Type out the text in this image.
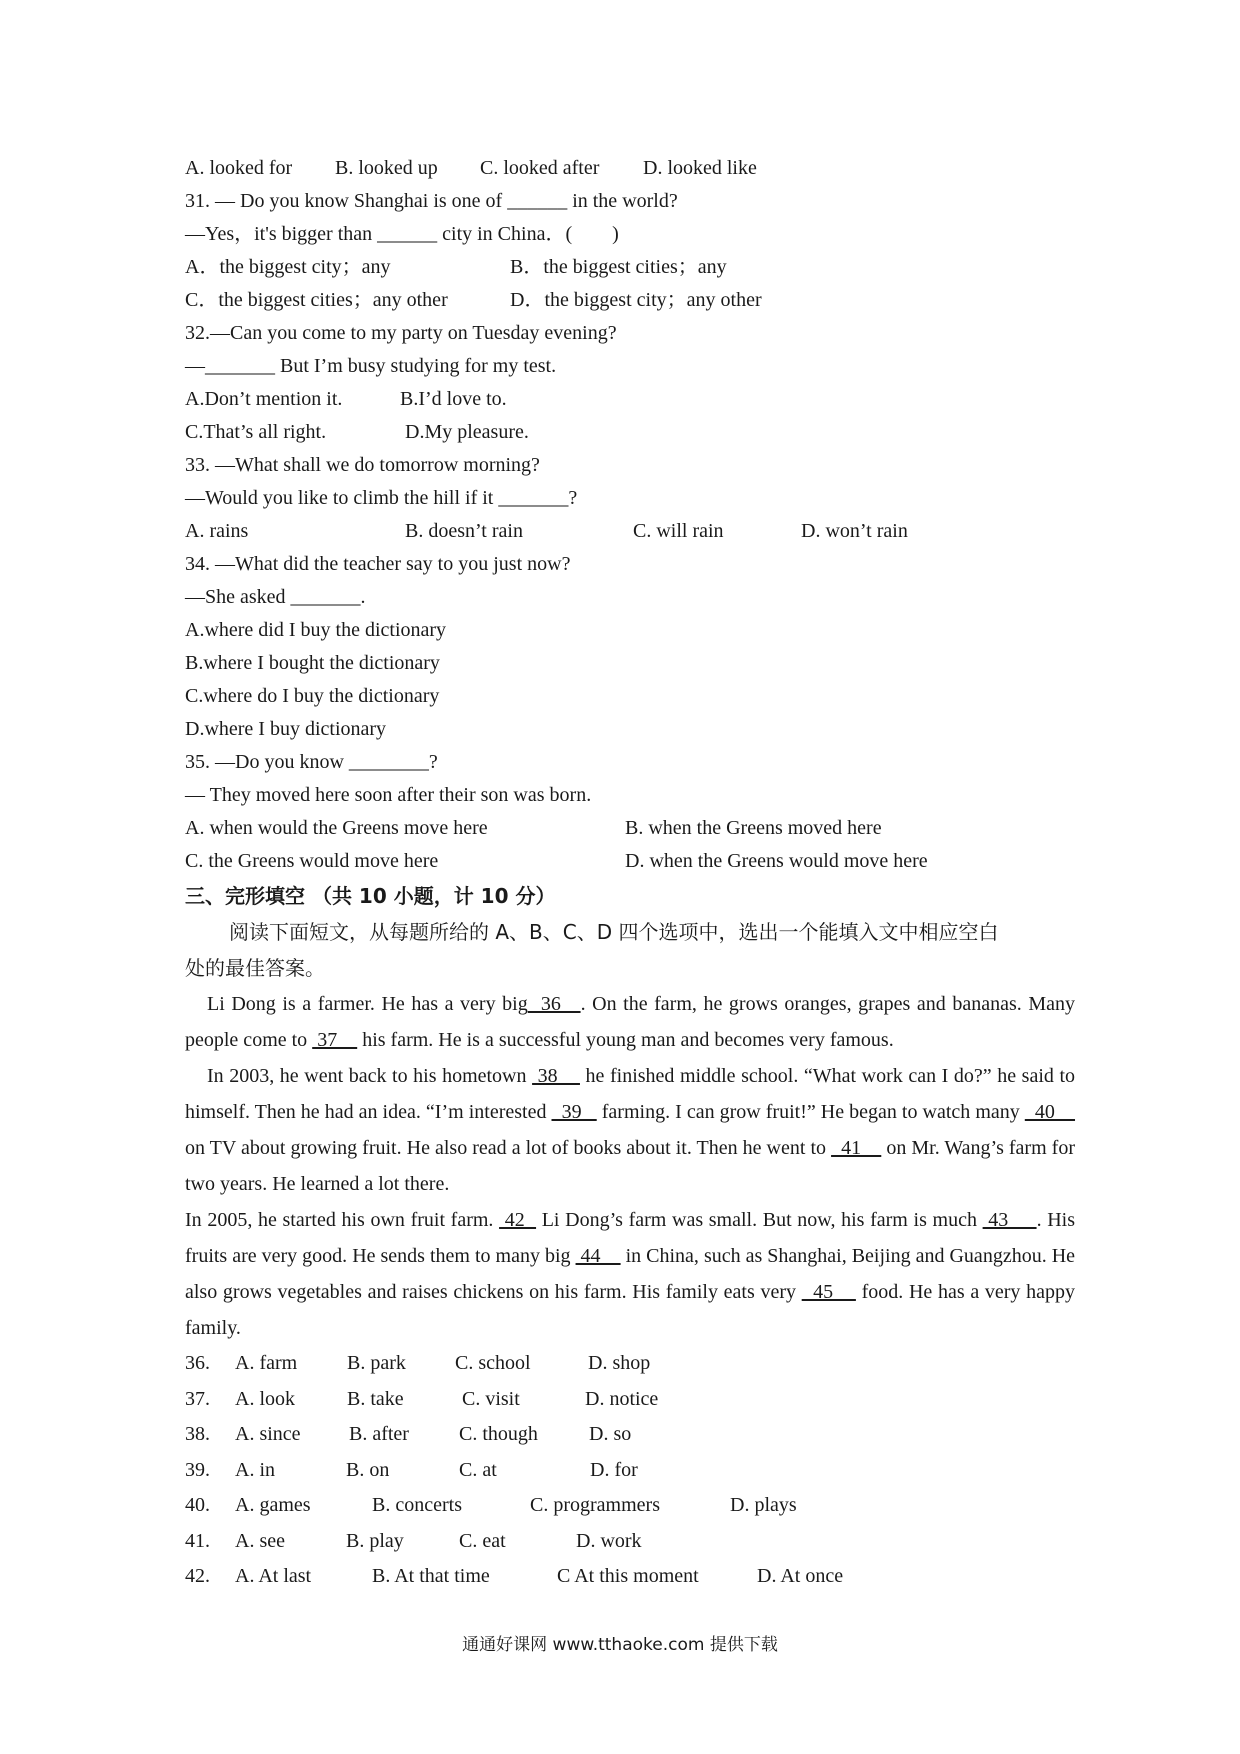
A. looked for	B. looked up	C. looked after	D. looked like
31. — Do you know Shanghai is one of ______ in the world?
—Yes，it's bigger than ______ city in China．(        )
A．the biggest city；any	B．the biggest cities；any
C．the biggest cities；any other	D．the biggest city；any other
32.—Can you come to my party on Tuesday evening?
—_______ But I’m busy studying for my test.
A.Don’t mention it.	B.I’d love to.
C.That’s all right.	D.My pleasure.
33. —What shall we do tomorrow morning?
—Would you like to climb the hill if it _______?
A. rains	B. doesn’t rain	C. will rain	D. won’t rain
34. —What did the teacher say to you just now?
—She asked _______.
A.where did I buy the dictionary
B.where I bought the dictionary
C.where do I buy the dictionary
D.where I buy dictionary
35. —Do you know ________?
— They moved here soon after their son was born.
A. when would the Greens move here	B. when the Greens moved here
C. the Greens would move here	D. when the Greens would move here
三、完形填空 （共 10 小题，计 10 分）
阅读下面短文，从每题所给的 A、B、C、D 四个选项中，选出一个能填入文中相应空白
处的最佳答案。

Li Dong is a farmer. He has a very big  36   . On the farm, he grows oranges, grapes and bananas. Many people come to  37     his farm. He is a successful young man and becomes very famous.

In 2003, he went back to his hometown  38     he finished middle school. “What work can I do?” he said to himself. Then he had an idea. “I’m interested   39    farming. I can grow fruit!” He began to watch many   40     on TV about growing fruit. He also read a lot of books about it. Then he went to   41     on Mr. Wang’s farm for two years. He learned a lot there.

In 2005, he started his own fruit farm.  42   Li Dong’s farm was small. But now, his farm is much  43     . His fruits are very good. He sends them to many big  44     in China, such as Shanghai, Beijing and Guangzhou. He also grows vegetables and raises chickens on his farm. His family eats very   45     food. He has a very happy family.

36.	A. farm	B. park	C. school	D. shop
37.	A. look	B. take	C. visit	D. notice
38.	A. since	B. after	C. though	D. so
39.	A. in	B. on	C. at	D. for
40.	A. games	B. concerts	C. programmers	D. plays
41.	A. see	B. play	C. eat	D. work
42.	A. At last	B. At that time	C At this moment	D. At once
通通好课网 www.tthaoke.com 提供下载
